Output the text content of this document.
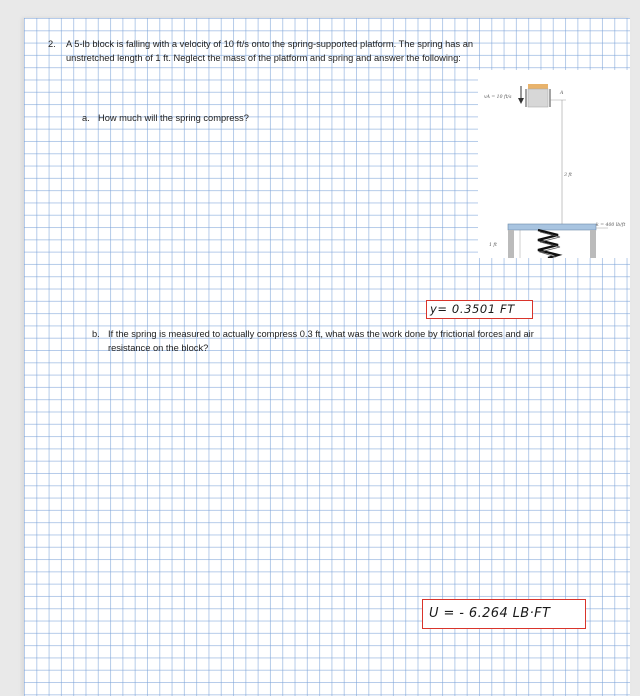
2. A 5-lb block is falling with a velocity of 10 ft/s onto the spring-supported platform. The spring has an unstretched length of 1 ft. Neglect the mass of the platform and spring and answer the following:
a. How much will the spring compress?
vA = 10 ft/s
A
3 ft
k = 400 lb/ft
1 ft
y= 0.3501 FT
b. If the spring is measured to actually compress 0.3 ft, what was the work done by frictional forces and air resistance on the block?
U = - 6.264 LB·FT
